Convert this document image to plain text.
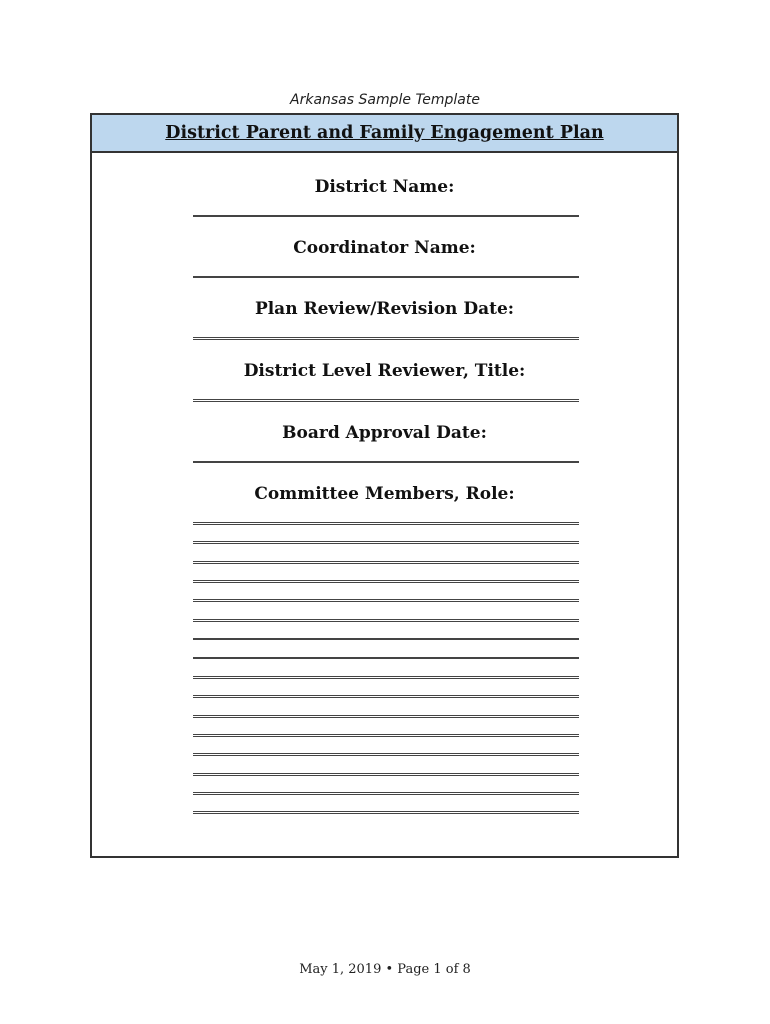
Arkansas Sample Template
District Parent and Family Engagement Plan
District Name:
Coordinator Name:
Plan Review/Revision Date:
District Level Reviewer, Title:
Board Approval Date:
Committee Members, Role:
May 1, 2019 • Page 1 of 8
